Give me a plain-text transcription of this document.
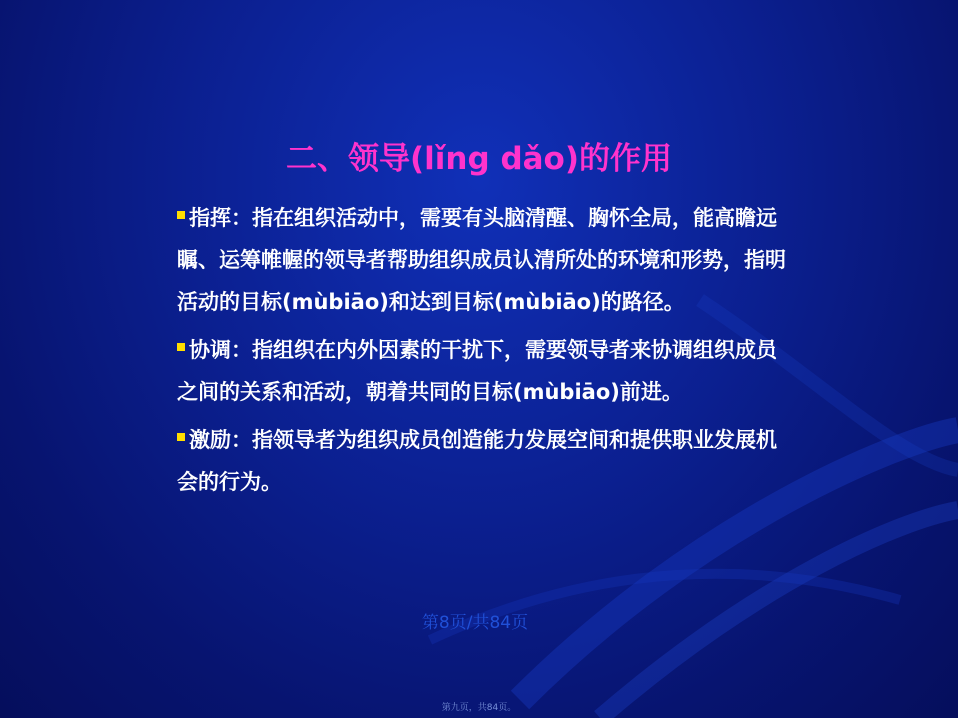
二、领导(lǐng dǎo)的作用
指挥：指在组织活动中，需要有头脑清醒、胸怀全局，能高瞻远瞩、运筹帷幄的领导者帮助组织成员认清所处的环境和形势，指明活动的目标(mùbiāo)和达到目标(mùbiāo)的路径。
协调：指组织在内外因素的干扰下，需要领导者来协调组织成员之间的关系和活动，朝着共同的目标(mùbiāo)前进。
激励：指领导者为组织成员创造能力发展空间和提供职业发展机会的行为。
第8页/共84页
第九页，共84页。
